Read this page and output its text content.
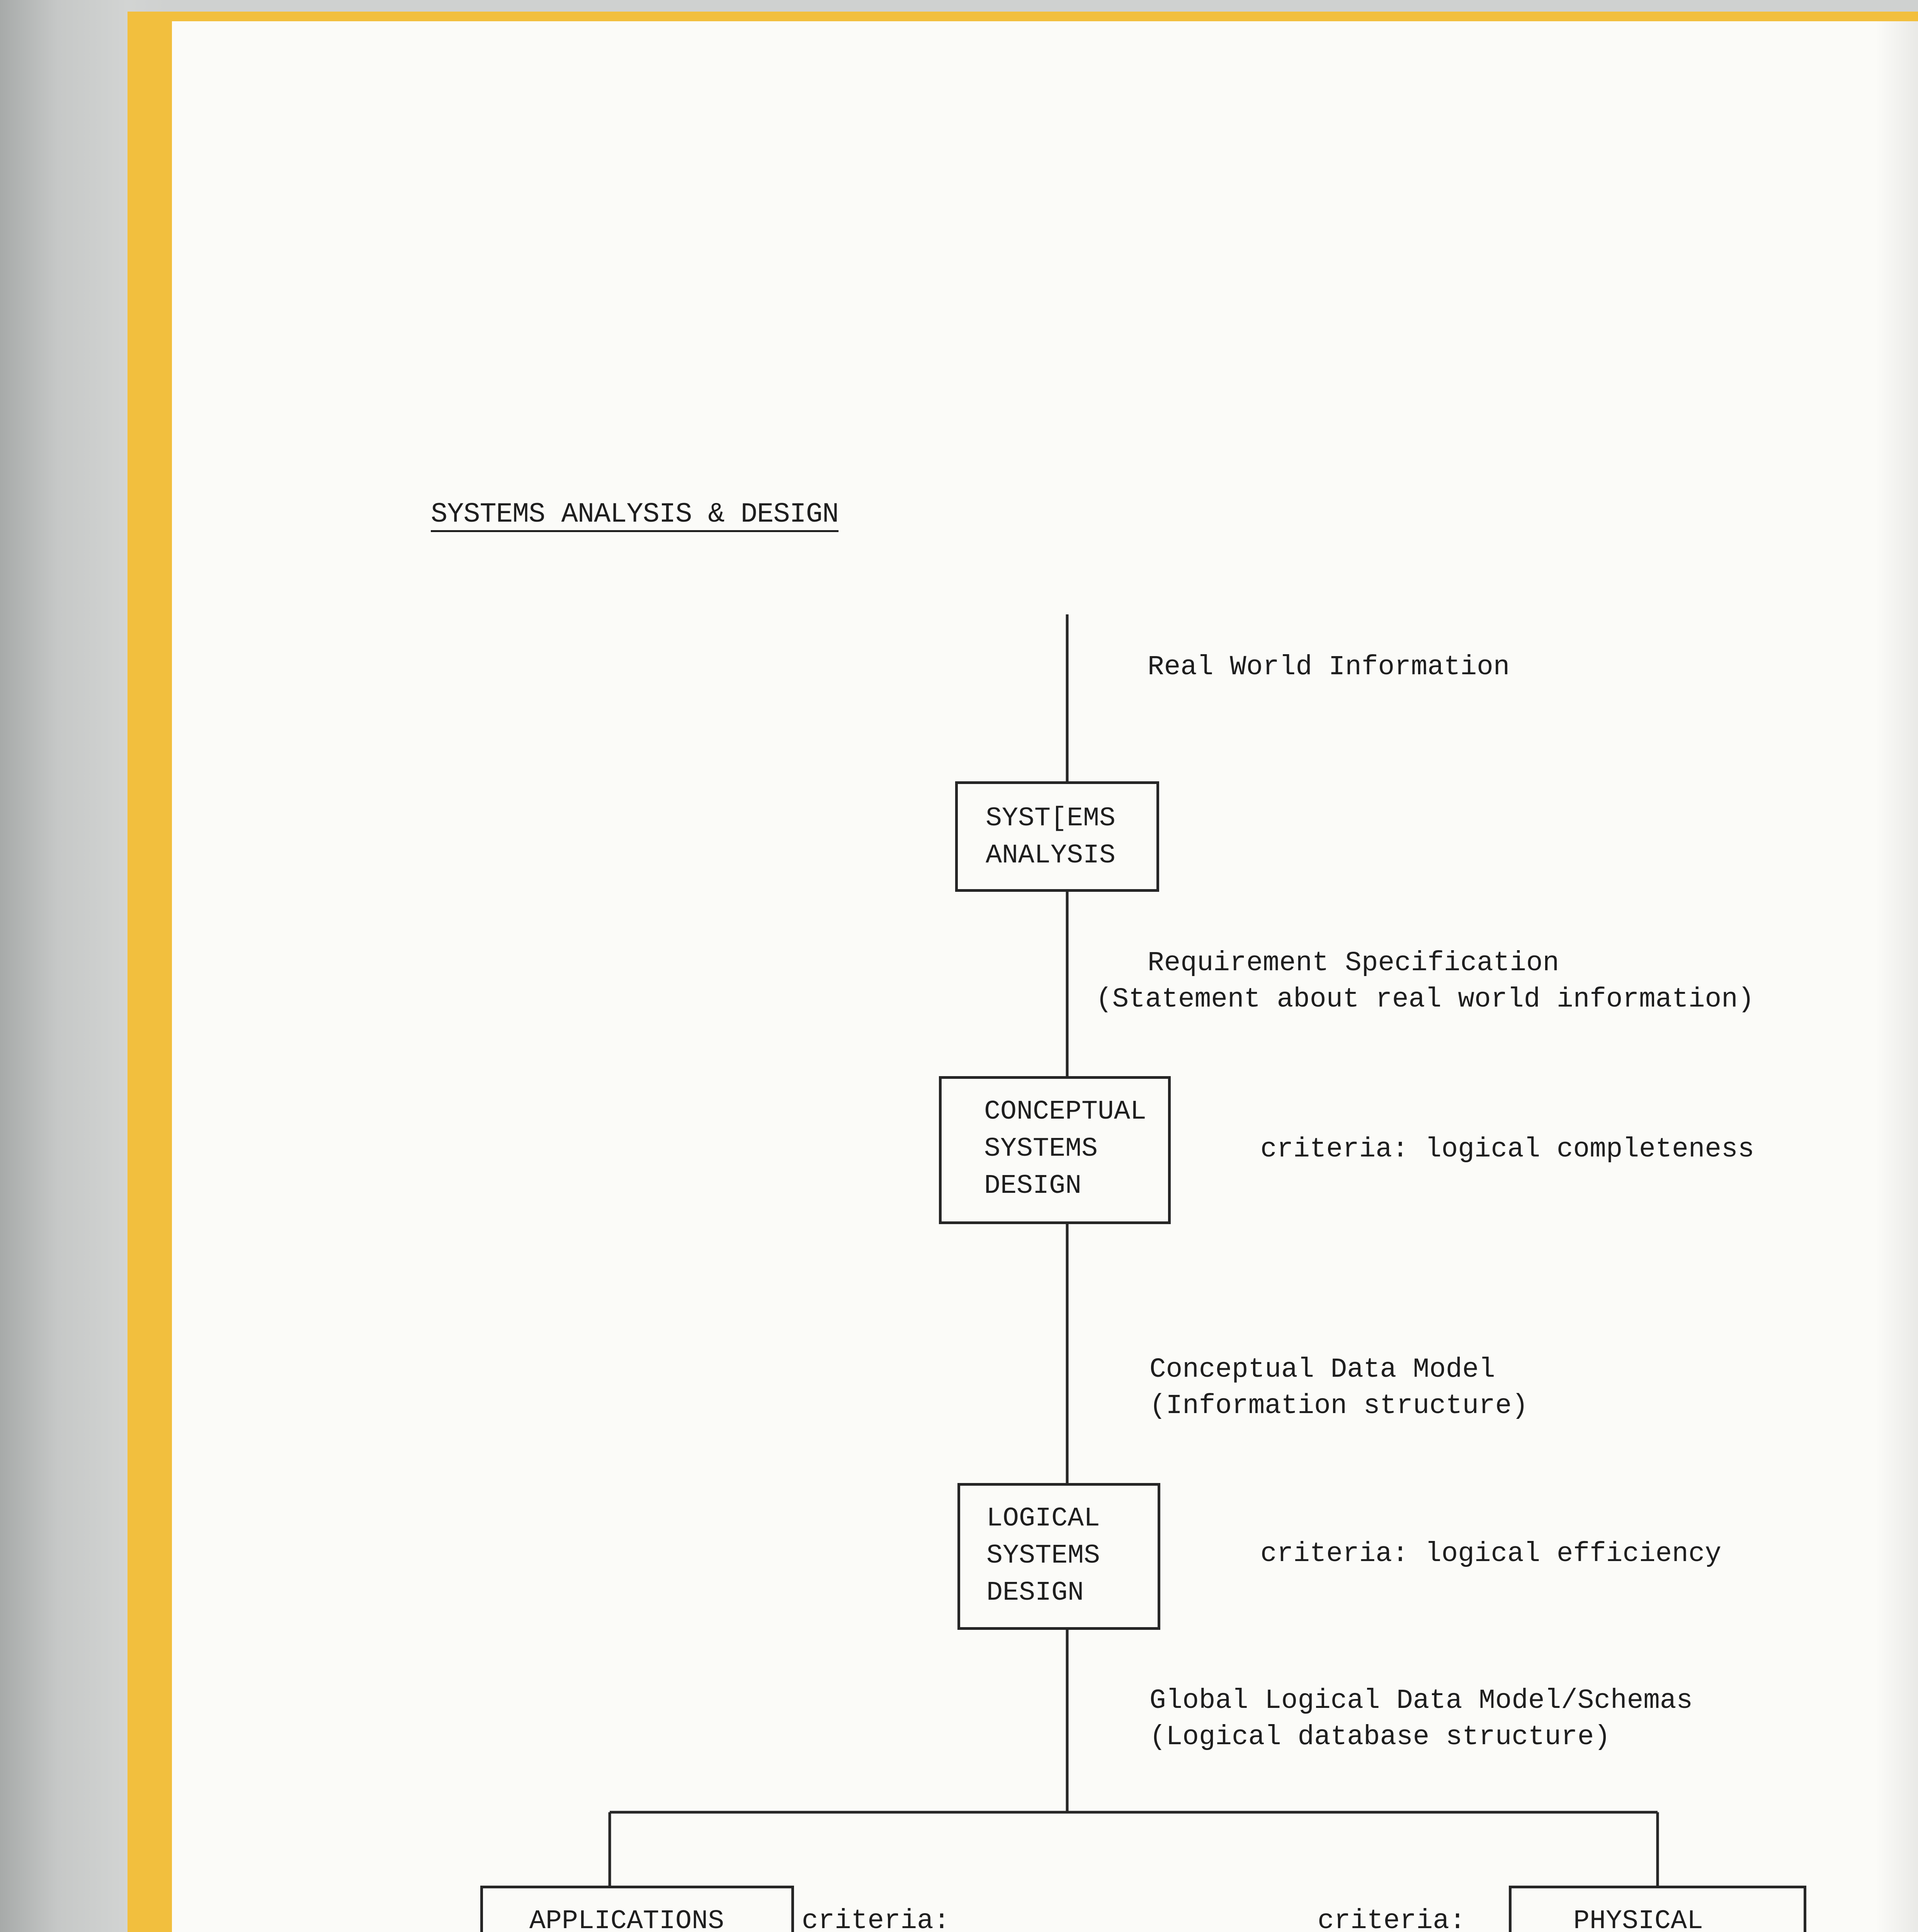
SYSTEMS ANALYSIS & DESIGN
SYST[EMS
ANALYSIS
CONCEPTUAL
SYSTEMS
DESIGN
LOGICAL
SYSTEMS
DESIGN
APPLICATIONS	PHYSICAL
Real World Information
Requirement Specification
(Statement about real world information)
criteria: logical completeness
Conceptual Data Model
(Information structure)
criteria: logical efficiency
Global Logical Data Model/Schemas
(Logical database structure)
criteria:	criteria:
